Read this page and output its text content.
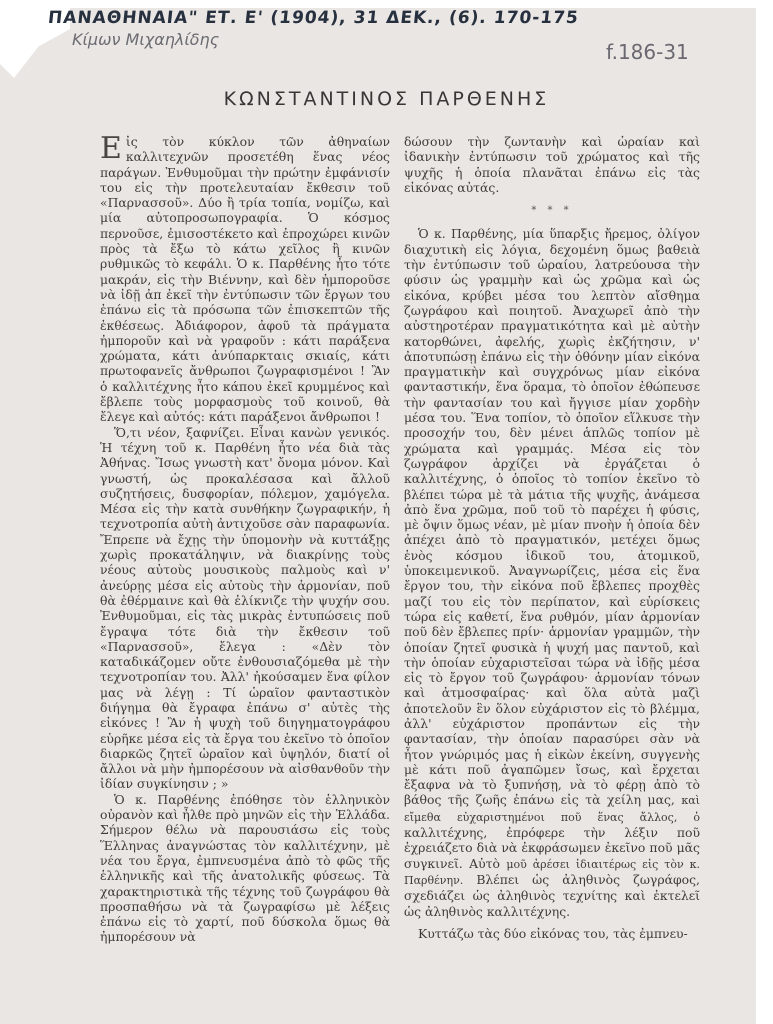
ΠΑΝΑΘΗΝΑΙΑ" ΕΤ. Ε' (1904), 31 ΔΕΚ., (6). 170-175
Κίμων Μιχαηλίδης
f.186-31
ΚΩΝΣΤΑΝΤΙΝΟΣ ΠΑΡΘΕΝΗΣ

Εἰς τὸν κύκλον τῶν ἀθηναίων καλλιτεχνῶν προσετέθη ἕνας νέος παράγων. Ἐνθυμοῦμαι τὴν πρώτην ἐμφάνισίν του εἰς τὴν προτελευταίαν ἔκθεσιν τοῦ «Παρνασσοῦ». Δύο ἢ τρία τοπία, νομίζω, καὶ μία αὐτοπροσωπογραφία. Ὁ κόσμος περνοῦσε, ἐμισοστέκετο καὶ ἐπροχώρει κινῶν πρὸς τὰ ἔξω τὸ κάτω χεῖλος ἢ κινῶν ρυθμικῶς τὸ κεφάλι. Ὁ κ. Παρθένης ἦτο τότε μακράν, εἰς τὴν Βιέννην, καὶ δὲν ἠμποροῦσε νὰ ἰδῇ ἀπ ἐκεῖ τὴν ἐντύπωσιν τῶν ἔργων του ἐπάνω εἰς τὰ πρόσωπα τῶν ἐπισκεπτῶν τῆς ἐκθέσεως. Ἀδιάφορον, ἀφοῦ τὰ πράγματα ἠμποροῦν καὶ νὰ γραφοῦν : κάτι παράξενα χρώματα, κάτι ἀνύπαρκταις σκιαίς, κάτι πρωτοφανεῖς ἄνθρωποι ζωγραφισμένοι ! Ἂν ὁ καλλιτέχνης ἦτο κάπου ἐκεῖ κρυμμένος καὶ ἔβλεπε τοὺς μορφασμοὺς τοῦ κοινοῦ, θὰ ἔλεγε καὶ αὐτός: κάτι παράξενοι ἄνθρωποι !

Ὅ,τι νέον, ξαφνίζει. Εἶναι κανὼν γενικός. Ἡ τέχνη τοῦ κ. Παρθένη ἦτο νέα διὰ τὰς Ἀθήνας. Ἴσως γνωστὴ κατ' ὄνομα μόνον. Καὶ γνωστή, ὡς προκαλέσασα καὶ ἄλλοῦ συζητήσεις, δυσφορίαν, πόλεμον, χαμόγελα. Μέσα εἰς τὴν κατὰ συνθήκην ζωγραφικήν, ἡ τεχνοτροπία αὐτὴ ἀντιχοῦσε σὰν παραφωνία. Ἔπρεπε νὰ ἔχῃς τὴν ὑπομονὴν νὰ κυττάξῃς χωρὶς προκατάληψιν, νὰ διακρίνῃς τοὺς νέους αὐτοὺς μουσικοὺς παλμοὺς καὶ ν' ἀνεύρῃς μέσα εἰς αὐτοὺς τὴν ἁρμονίαν, ποῦ θὰ ἐθέρμαινε καὶ θὰ ἐλίκνιζε τὴν ψυχήν σου. Ἐνθυμοῦμαι, εἰς τὰς μικρὰς ἐντυπώσεις ποῦ ἔγραψα τότε διὰ τὴν ἔκθεσιν τοῦ «Παρνασσοῦ», ἔλεγα : «Δὲν τὸν καταδικάζομεν οὔτε ἐνθουσιαζόμεθα μὲ τὴν τεχνοτροπίαν του. Ἀλλ' ἠκούσαμεν ἕνα φίλον μας νὰ λέγῃ : Τί ὡραῖον φανταστικὸν διήγημα θὰ ἔγραφα ἐπάνω σ' αὐτὲς τὴς εἰκόνες ! Ἂν ἡ ψυχὴ τοῦ διηγηματογράφου εὑρῆκε μέσα εἰς τὰ ἔργα του ἐκεῖνο τὸ ὁποῖον διαρκῶς ζητεῖ ὡραῖον καὶ ὑψηλόν, διατί οἱ ἄλλοι νὰ μὴν ἠμπορέσουν νὰ αἰσθανθοῦν τὴν ἰδίαν συγκίνησιν ; »

Ὁ κ. Παρθένης ἐπόθησε τὸν ἑλληνικὸν οὐρανὸν καὶ ἦλθε πρὸ μηνῶν εἰς τὴν Ἑλλάδα. Σήμερον θέλω νὰ παρουσιάσω εἰς τοὺς Ἕλληνας ἀναγνώστας τὸν καλλιτέχνην, μὲ νέα του ἔργα, ἐμπνευσμένα ἀπὸ τὸ φῶς τῆς ἑλληνικῆς καὶ τῆς ἀνατολικῆς φύσεως. Τὰ χαρακτηριστικὰ τῆς τέχνης τοῦ ζωγράφου θὰ προσπαθήσω νὰ τὰ ζωγραφίσω μὲ λέξεις ἐπάνω εἰς τὸ χαρτί, ποῦ δύσκολα ὅμως θὰ ἠμπορέσουν νὰ

δώσουν τὴν ζωντανὴν καὶ ὡραίαν καὶ ἰδανικὴν ἐντύπωσιν τοῦ χρώματος καὶ τῆς ψυχῆς ἡ ὁποία πλανᾶται ἐπάνω εἰς τὰς εἰκόνας αὐτάς.

* * *

Ὁ κ. Παρθένης, μία ὕπαρξις ἤρεμος, ὀλίγον διαχυτικὴ εἰς λόγια, δεχομένη ὅμως βαθειὰ τὴν ἐντύπωσιν τοῦ ὡραίου, λατρεύουσα τὴν φύσιν ὡς γραμμὴν καὶ ὡς χρῶμα καὶ ὡς εἰκόνα, κρύβει μέσα του λεπτὸν αἴσθημα ζωγράφου καὶ ποιητοῦ. Ἀναχωρεῖ ἀπὸ τὴν αὐστηροτέραν πραγματικότητα καὶ μὲ αὐτὴν κατορθώνει, ἀφελής, χωρὶς ἐκζήτησιν, ν' ἀποτυπώσῃ ἐπάνω εἰς τὴν ὀθόνην μίαν εἰκόνα πραγματικὴν καὶ συγχρόνως μίαν εἰκόνα φανταστικήν, ἕνα ὅραμα, τὸ ὁποῖον ἐθώπευσε τὴν φαντασίαν του καὶ ἤγγισε μίαν χορδὴν μέσα του. Ἕνα τοπίον, τὸ ὁποῖον εἵλκυσε τὴν προσοχήν του, δὲν μένει ἁπλῶς τοπίον μὲ χρώματα καὶ γραμμάς. Μέσα εἰς τὸν ζωγράφον ἀρχίζει νὰ ἐργάζεται ὁ καλλιτέχνης, ὁ ὁποῖος τὸ τοπίον ἐκεῖνο τὸ βλέπει τώρα μὲ τὰ μάτια τῆς ψυχῆς, ἀνάμεσα ἀπὸ ἕνα χρῶμα, ποῦ τοῦ τὸ παρέχει ἡ φύσις, μὲ ὄψιν ὅμως νέαν, μὲ μίαν πνοὴν ἡ ὁποία δὲν ἀπέχει ἀπὸ τὸ πραγματικόν, μετέχει ὅμως ἑνὸς κόσμου ἰδικοῦ του, ἀτομικοῦ, ὑποκειμενικοῦ. Ἀναγνωρίζεις, μέσα εἰς ἕνα ἔργον του, τὴν εἰκόνα ποῦ ἔβλεπες προχθὲς μαζί του εἰς τὸν περίπατον, καὶ εὑρίσκεις τώρα εἰς καθετί, ἕνα ρυθμόν, μίαν ἁρμονίαν ποῦ δὲν ἔβλεπες πρίν· ἁρμονίαν γραμμῶν, τὴν ὁποίαν ζητεῖ φυσικὰ ἡ ψυχή μας παντοῦ, καὶ τὴν ὁποίαν εὐχαριστεῖσαι τώρα νὰ ἰδῇς μέσα εἰς τὸ ἔργον τοῦ ζωγράφου· ἁρμονίαν τόνων καὶ ἀτμοσφαίρας· καὶ ὅλα αὐτὰ μαζὶ ἀποτελοῦν ἓν ὅλον εὐχάριστον εἰς τὸ βλέμμα, ἀλλ' εὐχάριστον προπάντων εἰς τὴν φαντασίαν, τὴν ὁποίαν παρασύρει σὰν νὰ ἦτον γνώριμός μας ἡ εἰκὼν ἐκείνη, συγγενὴς μὲ κάτι ποῦ ἀγαπῶμεν ἴσως, καὶ ἔρχεται ἔξαφνα νὰ τὸ ξυπνήσῃ, νὰ τὸ φέρῃ ἀπὸ τὸ βάθος τῆς ζωῆς ἐπάνω εἰς τὰ χείλη μας, καὶ εἴμεθα εὐχαριστημένοι ποῦ ἕνας ἄλλος, ὁ καλλιτέχνης, ἐπρόφερε τὴν λέξιν ποῦ ἐχρειάζετο διὰ νὰ ἐκφράσωμεν ἐκεῖνο ποῦ μᾶς συγκινεῖ. Αὐτὸ μοῦ ἀρέσει ἰδιαιτέρως εἰς τὸν κ. Παρθένην. Βλέπει ὡς ἀληθινὸς ζωγράφος, σχεδιάζει ὡς ἀληθινὸς τεχνίτης καὶ ἐκτελεῖ ὡς ἀληθινὸς καλλιτέχνης.

Κυττάζω τὰς δύο εἰκόνας του, τὰς ἐμπνευ-
